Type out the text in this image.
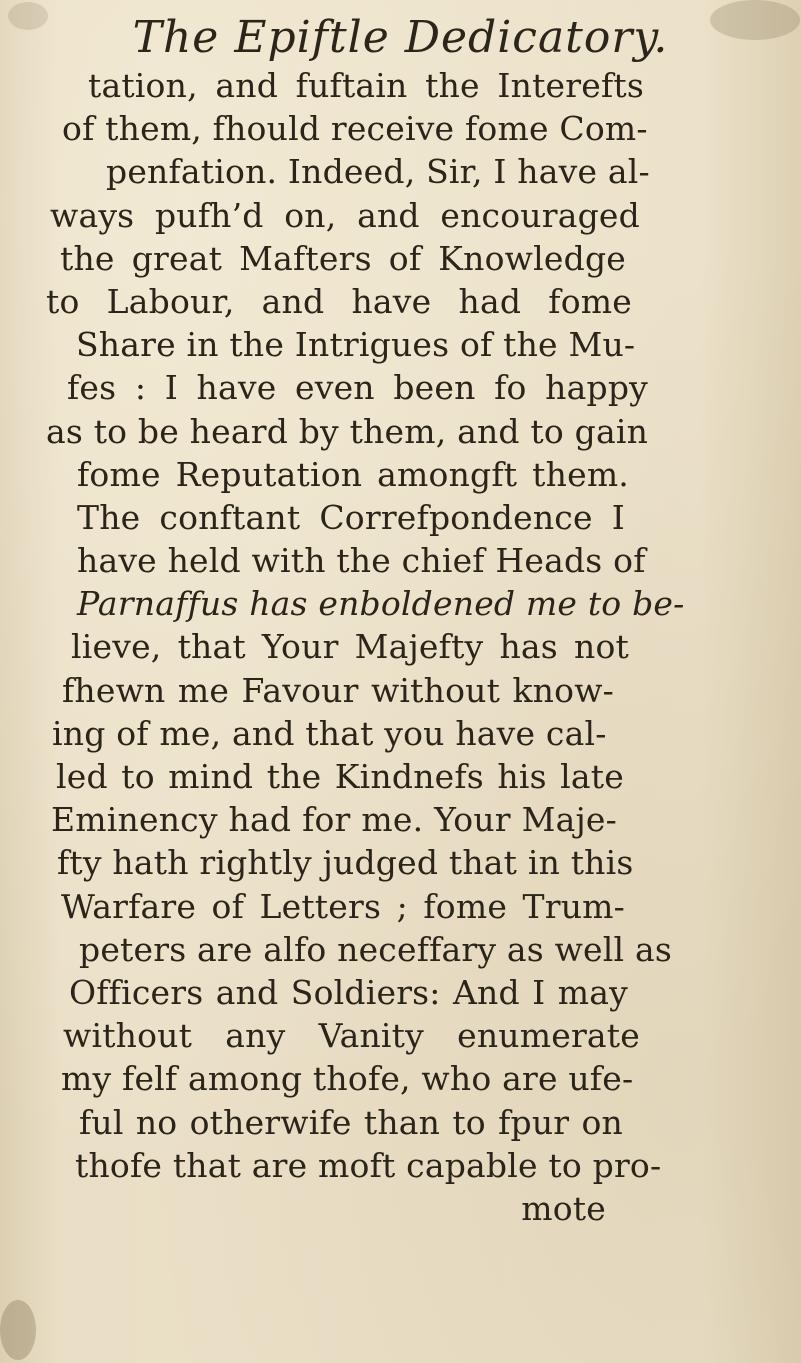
The Epiftle Dedicatory.
tation, and fuftain the Interefts
of them, fhould receive fome Com-
penfation. Indeed, Sir, I have al-
ways pufh’d on, and encouraged
the great Mafters of Knowledge
to Labour, and have had fome
Share in the Intrigues of the Mu-
fes : I have even been fo happy
as to be heard by them, and to gain
fome Reputation amongft them.
The conftant Correfpondence I
have held with the chief Heads of
Parnaffus has enboldened me to be-
lieve, that Your Majefty has not
fhewn me Favour without know-
ing of me, and that you have cal-
led to mind the Kindnefs his late
Eminency had for me. Your Maje-
fty hath rightly judged that in this
Warfare of Letters ; fome Trum-
peters are alfo neceffary as well as
Officers and Soldiers: And I may
without any Vanity enumerate
my felf among thofe, who are ufe-
ful no otherwife than to fpur on
thofe that are moft capable to pro-
mote
